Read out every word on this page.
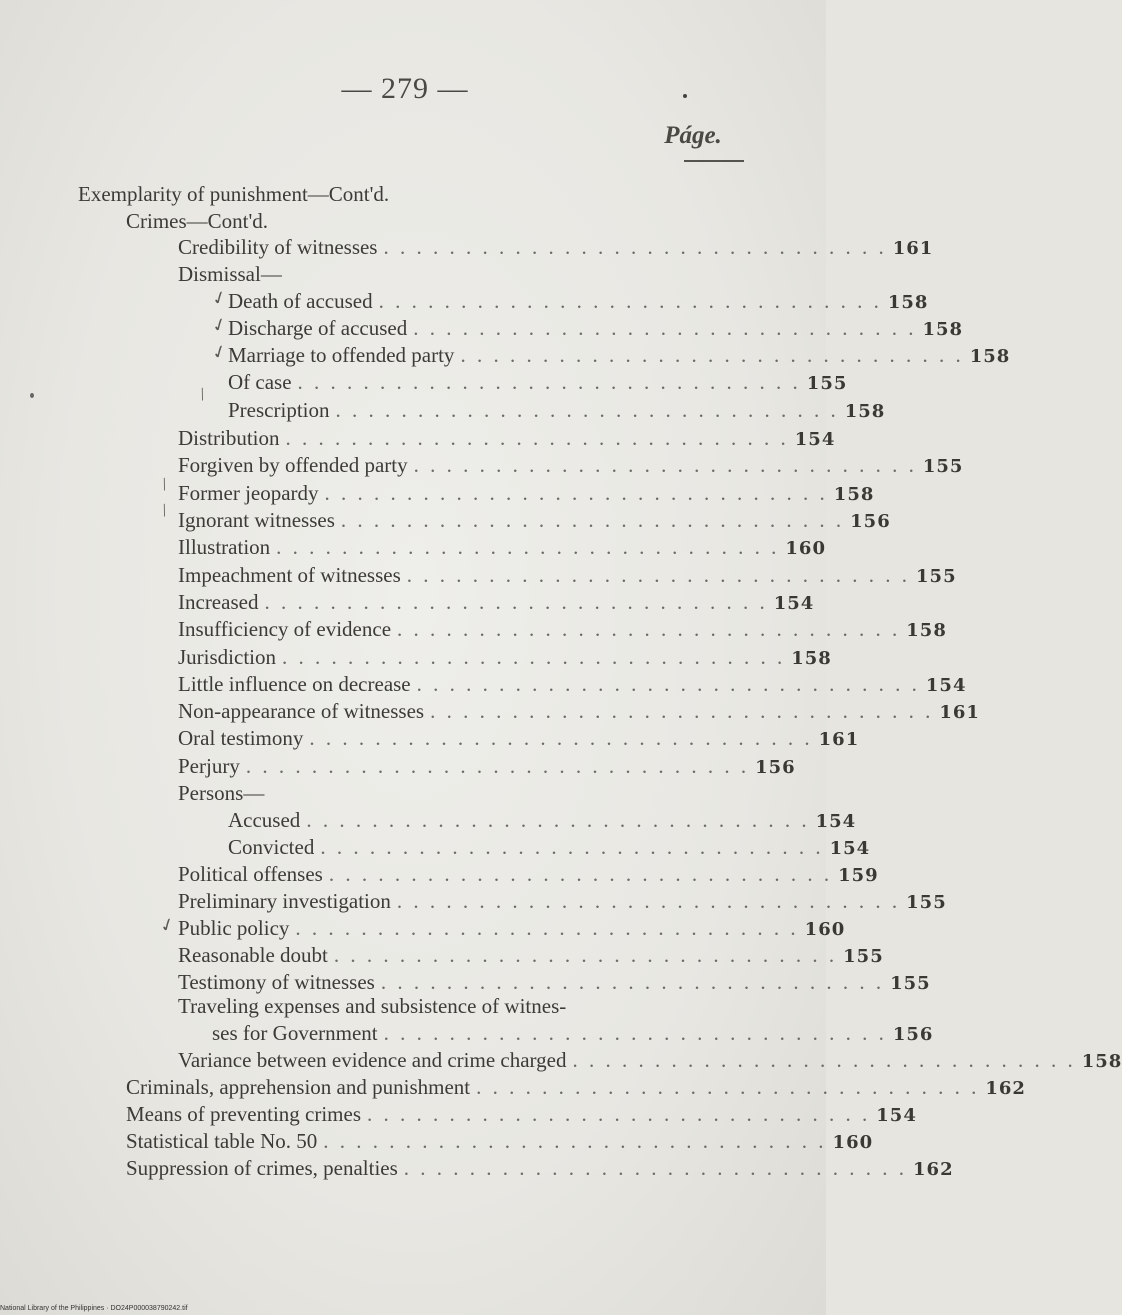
— 279 —
Páge.
Exemplarity of punishment—Cont'd.
Crimes—Cont'd.
Credibility of witnesses . . . . . . . . . . . . . . . . . . . . . . . . . . . . . . . 161
Dismissal—
Death of accused . . . . . . . . . . . . . . . . . . . . . . . . . . . . . . . 158
Discharge of accused . . . . . . . . . . . . . . . . . . . . . . . . . . . . . . . 158
Marriage to offended party . . . . . . . . . . . . . . . . . . . . . . . . . . . . . . . 158
Of case . . . . . . . . . . . . . . . . . . . . . . . . . . . . . . . 155
Prescription . . . . . . . . . . . . . . . . . . . . . . . . . . . . . . . 158
Distribution . . . . . . . . . . . . . . . . . . . . . . . . . . . . . . . 154
Forgiven by offended party . . . . . . . . . . . . . . . . . . . . . . . . . . . . . . . 155
Former jeopardy . . . . . . . . . . . . . . . . . . . . . . . . . . . . . . . 158
Ignorant witnesses . . . . . . . . . . . . . . . . . . . . . . . . . . . . . . . 156
Illustration . . . . . . . . . . . . . . . . . . . . . . . . . . . . . . . 160
Impeachment of witnesses . . . . . . . . . . . . . . . . . . . . . . . . . . . . . . . 155
Increased . . . . . . . . . . . . . . . . . . . . . . . . . . . . . . . 154
Insufficiency of evidence . . . . . . . . . . . . . . . . . . . . . . . . . . . . . . . 158
Jurisdiction . . . . . . . . . . . . . . . . . . . . . . . . . . . . . . . 158
Little influence on decrease . . . . . . . . . . . . . . . . . . . . . . . . . . . . . . . 154
Non-appearance of witnesses . . . . . . . . . . . . . . . . . . . . . . . . . . . . . . . 161
Oral testimony . . . . . . . . . . . . . . . . . . . . . . . . . . . . . . . 161
Perjury . . . . . . . . . . . . . . . . . . . . . . . . . . . . . . . 156
Persons—
Accused . . . . . . . . . . . . . . . . . . . . . . . . . . . . . . . 154
Convicted . . . . . . . . . . . . . . . . . . . . . . . . . . . . . . . 154
Political offenses . . . . . . . . . . . . . . . . . . . . . . . . . . . . . . . 159
Preliminary investigation . . . . . . . . . . . . . . . . . . . . . . . . . . . . . . . 155
Public policy . . . . . . . . . . . . . . . . . . . . . . . . . . . . . . . 160
Reasonable doubt . . . . . . . . . . . . . . . . . . . . . . . . . . . . . . . 155
Testimony of witnesses . . . . . . . . . . . . . . . . . . . . . . . . . . . . . . . 155
Traveling expenses and subsistence of witnes-
ses for Government . . . . . . . . . . . . . . . . . . . . . . . . . . . . . . . 156
Variance between evidence and crime charged . . . . . . . . . . . . . . . . . . . . . . . . . . . . . . . 158
Criminals, apprehension and punishment . . . . . . . . . . . . . . . . . . . . . . . . . . . . . . . 162
Means of preventing crimes . . . . . . . . . . . . . . . . . . . . . . . . . . . . . . . 154
Statistical table No. 50 . . . . . . . . . . . . . . . . . . . . . . . . . . . . . . . 160
Suppression of crimes, penalties . . . . . . . . . . . . . . . . . . . . . . . . . . . . . . . 162
✓
✓
✓
/
/
/
✓
National Library of the Philippines · DO24P000038790242.tif
